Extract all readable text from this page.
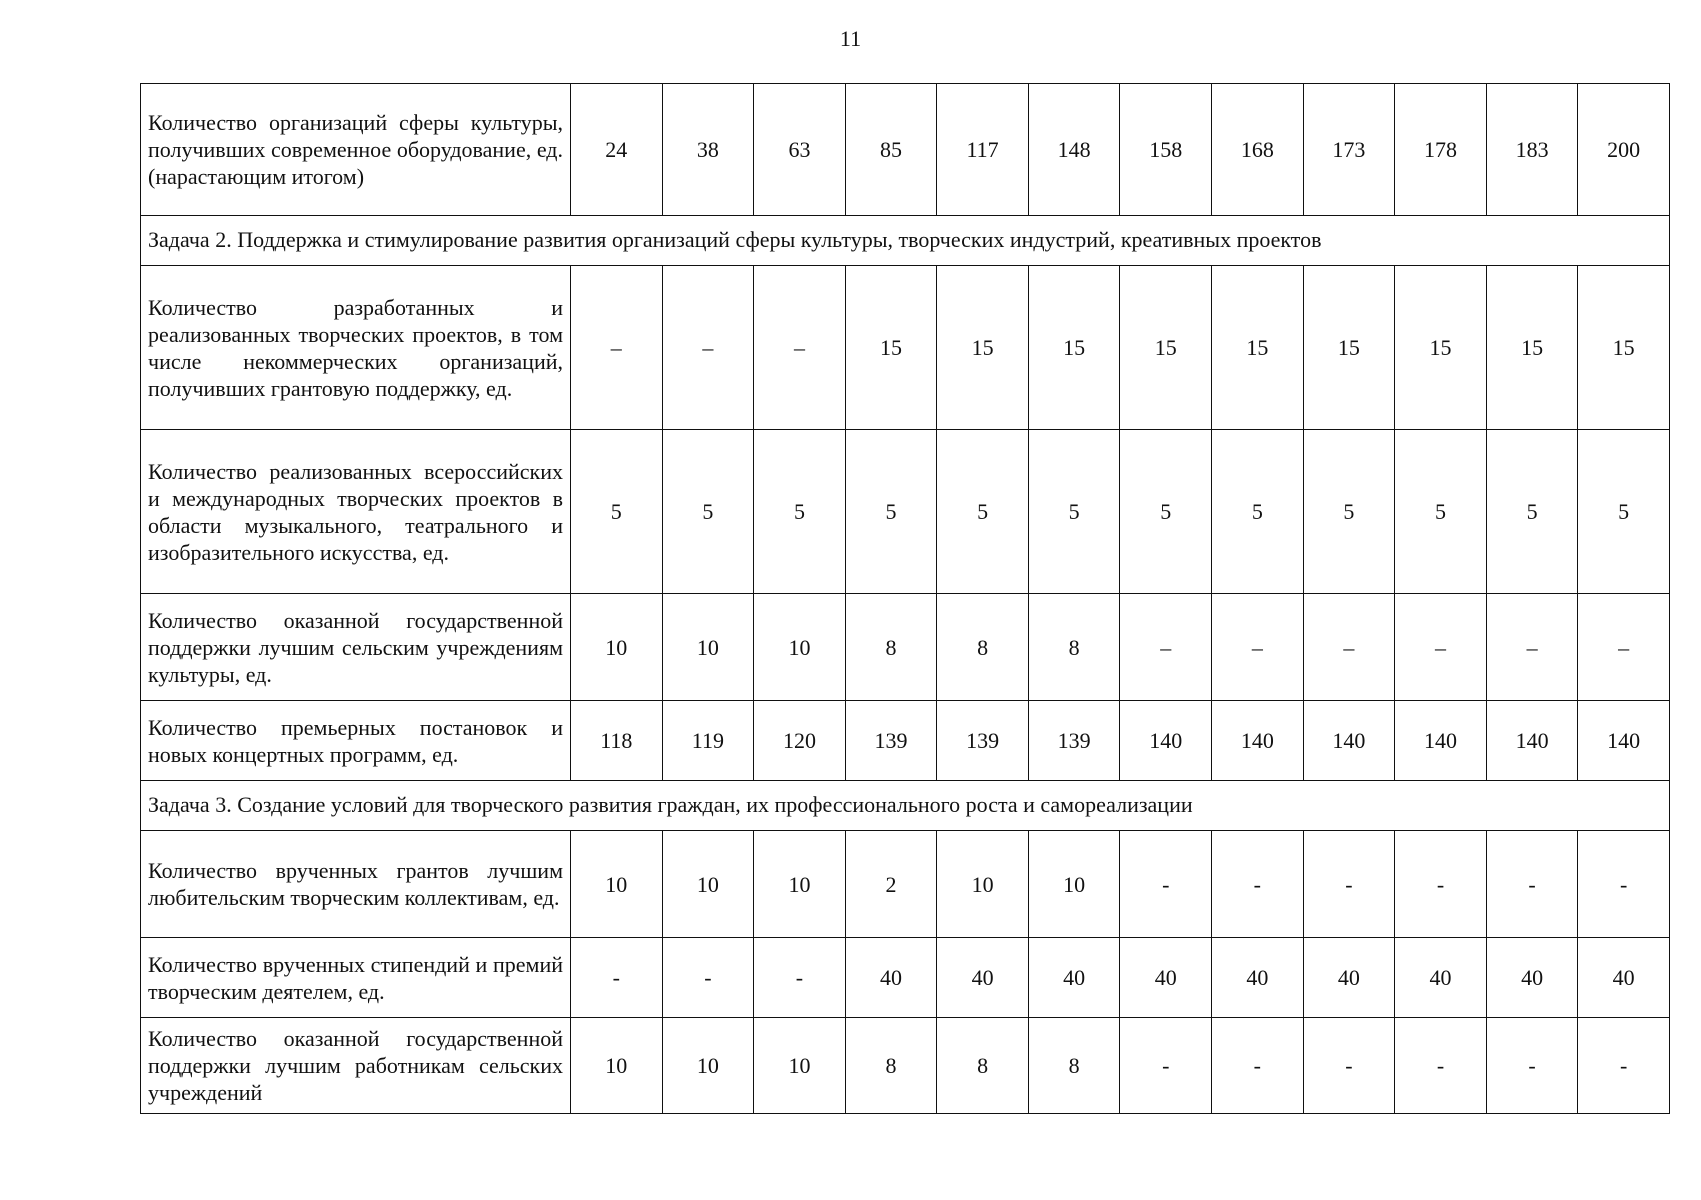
11
Количество организаций сферы культуры, получивших современное оборудование, ед. (нарастающим итогом)	24	38	63	85	117	148	158	168	173	178	183	200
Задача 2. Поддержка и стимулирование развития организаций сферы культуры, творческих индустрий, креативных проектов												
Количество разработанных и реализованных творческих проектов, в том числе некоммерческих организаций, получивших грантовую поддержку, ед.	–	–	–	15	15	15	15	15	15	15	15	15
Количество реализованных всероссийских и международных творческих проектов в области музыкального, театрального и изобразительного искусства, ед.	5	5	5	5	5	5	5	5	5	5	5	5
Количество оказанной государственной поддержки лучшим сельским учреждениям культуры, ед.	10	10	10	8	8	8	–	–	–	–	–	–
Количество премьерных постановок и новых концертных программ, ед.	118	119	120	139	139	139	140	140	140	140	140	140
Задача 3. Создание условий для творческого развития граждан, их профессионального роста и самореализации												
Количество врученных грантов лучшим любительским творческим коллективам, ед.	10	10	10	2	10	10	-	-	-	-	-	-
Количество врученных стипендий и премий творческим деятелем, ед.	-	-	-	40	40	40	40	40	40	40	40	40
Количество оказанной государственной поддержки лучшим работникам сельских учреждений	10	10	10	8	8	8	-	-	-	-	-	-
